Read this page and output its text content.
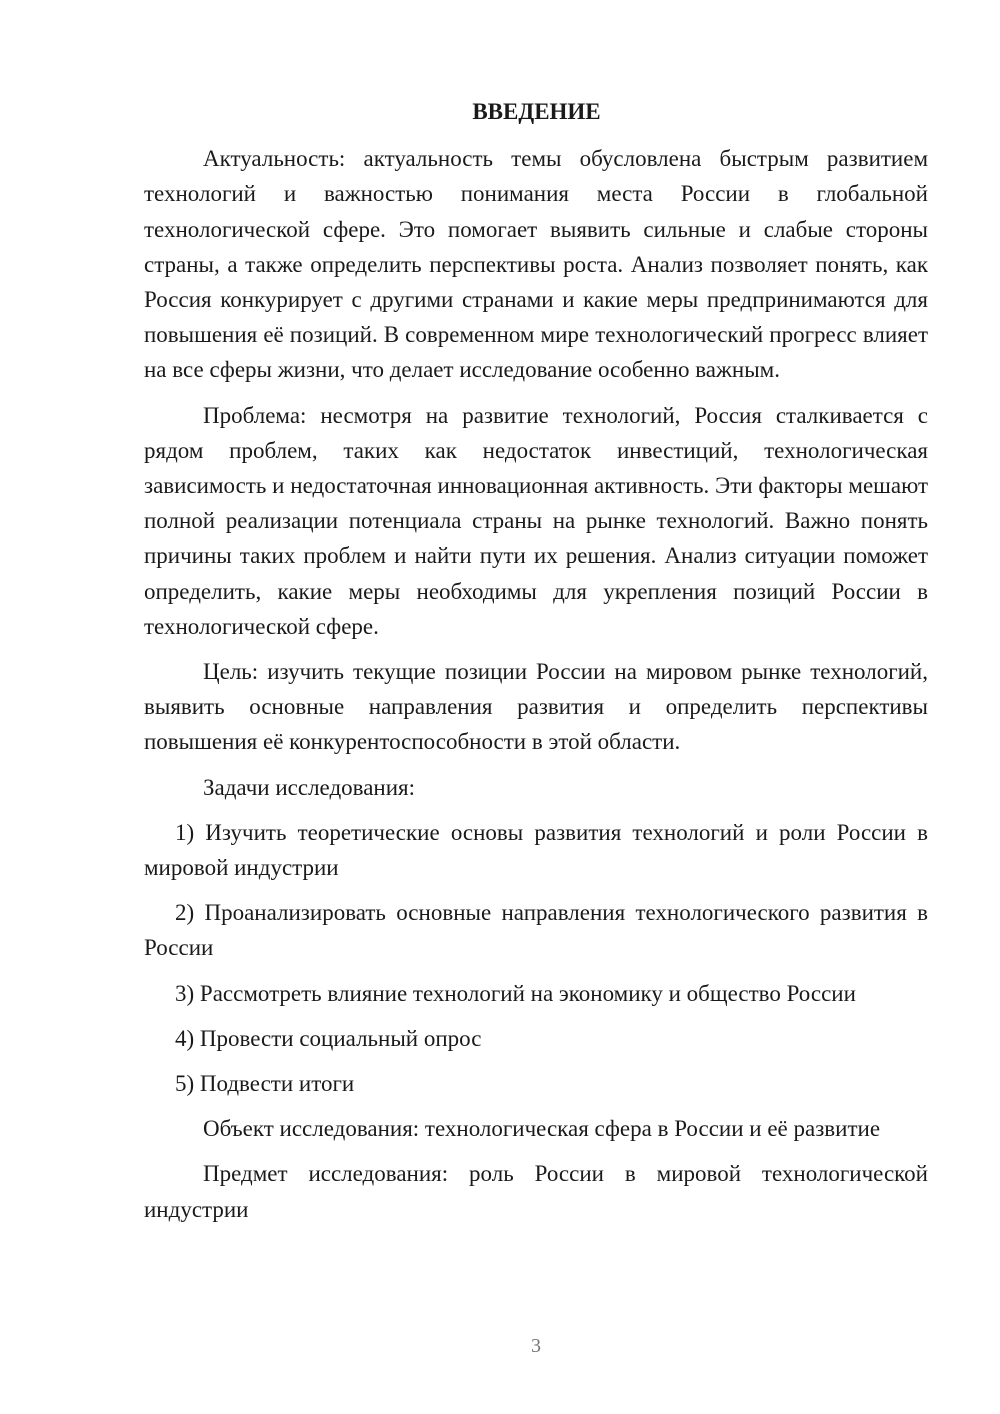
ВВЕДЕНИЕ

Актуальность: актуальность темы обусловлена быстрым развитием технологий и важностью понимания места России в глобальной технологической сфере. Это помогает выявить сильные и слабые стороны страны, а также определить перспективы роста. Анализ позволяет понять, как Россия конкурирует с другими странами и какие меры предпринимаются для повышения её позиций. В современном мире технологический прогресс влияет на все сферы жизни, что делает исследование особенно важным.

Проблема: несмотря на развитие технологий, Россия сталкивается с рядом проблем, таких как недостаток инвестиций, технологическая зависимость и недостаточная инновационная активность. Эти факторы мешают полной реализации потенциала страны на рынке технологий. Важно понять причины таких проблем и найти пути их решения. Анализ ситуации поможет определить, какие меры необходимы для укрепления позиций России в технологической сфере.

Цель: изучить текущие позиции России на мировом рынке технологий, выявить основные направления развития и определить перспективы повышения её конкурентоспособности в этой области.

Задачи исследования:

1) Изучить теоретические основы развития технологий и роли России в мировой индустрии

2) Проанализировать основные направления технологического развития в России

3) Рассмотреть влияние технологий на экономику и общество России

4) Провести социальный опрос

5) Подвести итоги

Объект исследования: технологическая сфера в России и её развитие

Предмет исследования: роль России в мировой технологической индустрии

3
